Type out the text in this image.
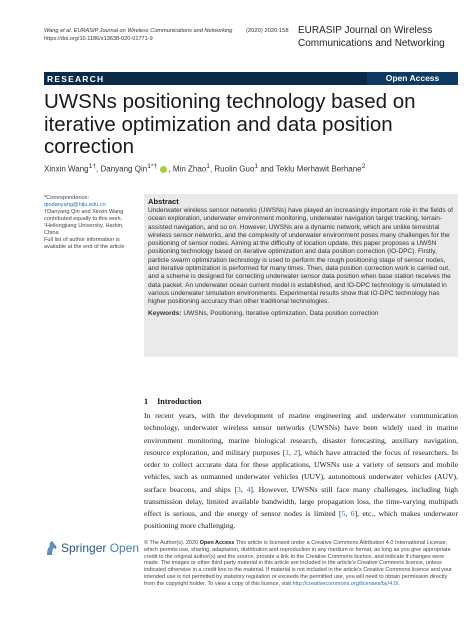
Wang et al. EURASIP Journal on Wireless Communications and Networking
https://doi.org/10.1186/s13638-020-01771-9
(2020) 2020:158 EURASIP Journal on Wireless
Communications and Networking
RESEARCH	Open Access
UWSNs positioning technology based on iterative optimization and data position correction
Xinxin Wang$^{1\dagger}$, Danyang Qin$^{1*\dagger}$ , Min Zhao$^1$, Ruolin Guo$^1$ and Teklu Merhawit Berhane$^2$
*Correspondence:
qindanyang@hlju.edu.cn
†Danyang Qin and Xinxin Wang contributed equally to this work.
¹Heilongjiang University, Harbin, China
Full list of author information is available at the end of the article
Abstract
Underwater wireless sensor networks (UWSNs) have played an increasingly important role in the fields of ocean exploration, underwater environment monitoring, underwater navigation target tracking, terrain-assisted navigation, and so on. However, UWSNs are a dynamic network, which are unlike terrestrial wireless sensor networks, and the complexity of underwater environment poses many challenges for the positioning of sensor nodes. Aiming at the difficulty of location update, this paper proposes a UWSN positioning technology based on iterative optimization and data position correction (IO-DPC). Firstly, particle swarm optimization technology is used to perform the rough positioning stage of sensor nodes, and iterative optimization is performed for many times. Then, data position correction work is carried out, and a scheme is designed for correcting underwater sensor data position when base station receives the data packet. An underwater ocean current model is established, and IO-DPC technology is simulated in various underwater simulation environments. Experimental results show that IO-DPC technology has higher positioning accuracy than other traditional technologies.
Keywords: UWSNs, Positioning, Iterative optimization, Data position correction
1 Introduction
In recent years, with the development of marine engineering and underwater communication technology, underwater wireless sensor networks (UWSNs) have been widely used in marine environment monitoring, marine biological research, disaster forecasting, auxiliary navigation, resource exploration, and military purposes [1, 2], which have attracted the focus of researchers. In order to collect accurate data for these applications, UWSNs use a variety of sensors and mobile vehicles, such as unmanned underwater vehicles (UUV), autonomous underwater vehicles (AUV), surface beacons, and ships [3, 4]. However, UWSNs still face many challenges, including high transmission delay, limited available bandwidth, large propagation loss, the time-varying multipath effect is serious, and the energy of sensor nodes is limited [5, 6], etc., which makes underwater positioning more challenging.
Springer Open © The Author(s). 2020 Open Access This article is licensed under a Creative Commons Attribution 4.0 International License, which permits use, sharing, adaptation, distribution and reproduction in any medium or format, as long as you give appropriate credit to the original author(s) and the source, provide a link to the Creative Commons licence, and indicate if changes were made. The images or other third party material in this article are included in the article's Creative Commons licence, unless indicated otherwise in a credit line to the material. If material is not included in the article's Creative Commons licence and your intended use is not permitted by statutory regulation or exceeds the permitted use, you will need to obtain permission directly from the copyright holder. To view a copy of this licence, visit http://creativecommons.org/licenses/by/4.0/.
